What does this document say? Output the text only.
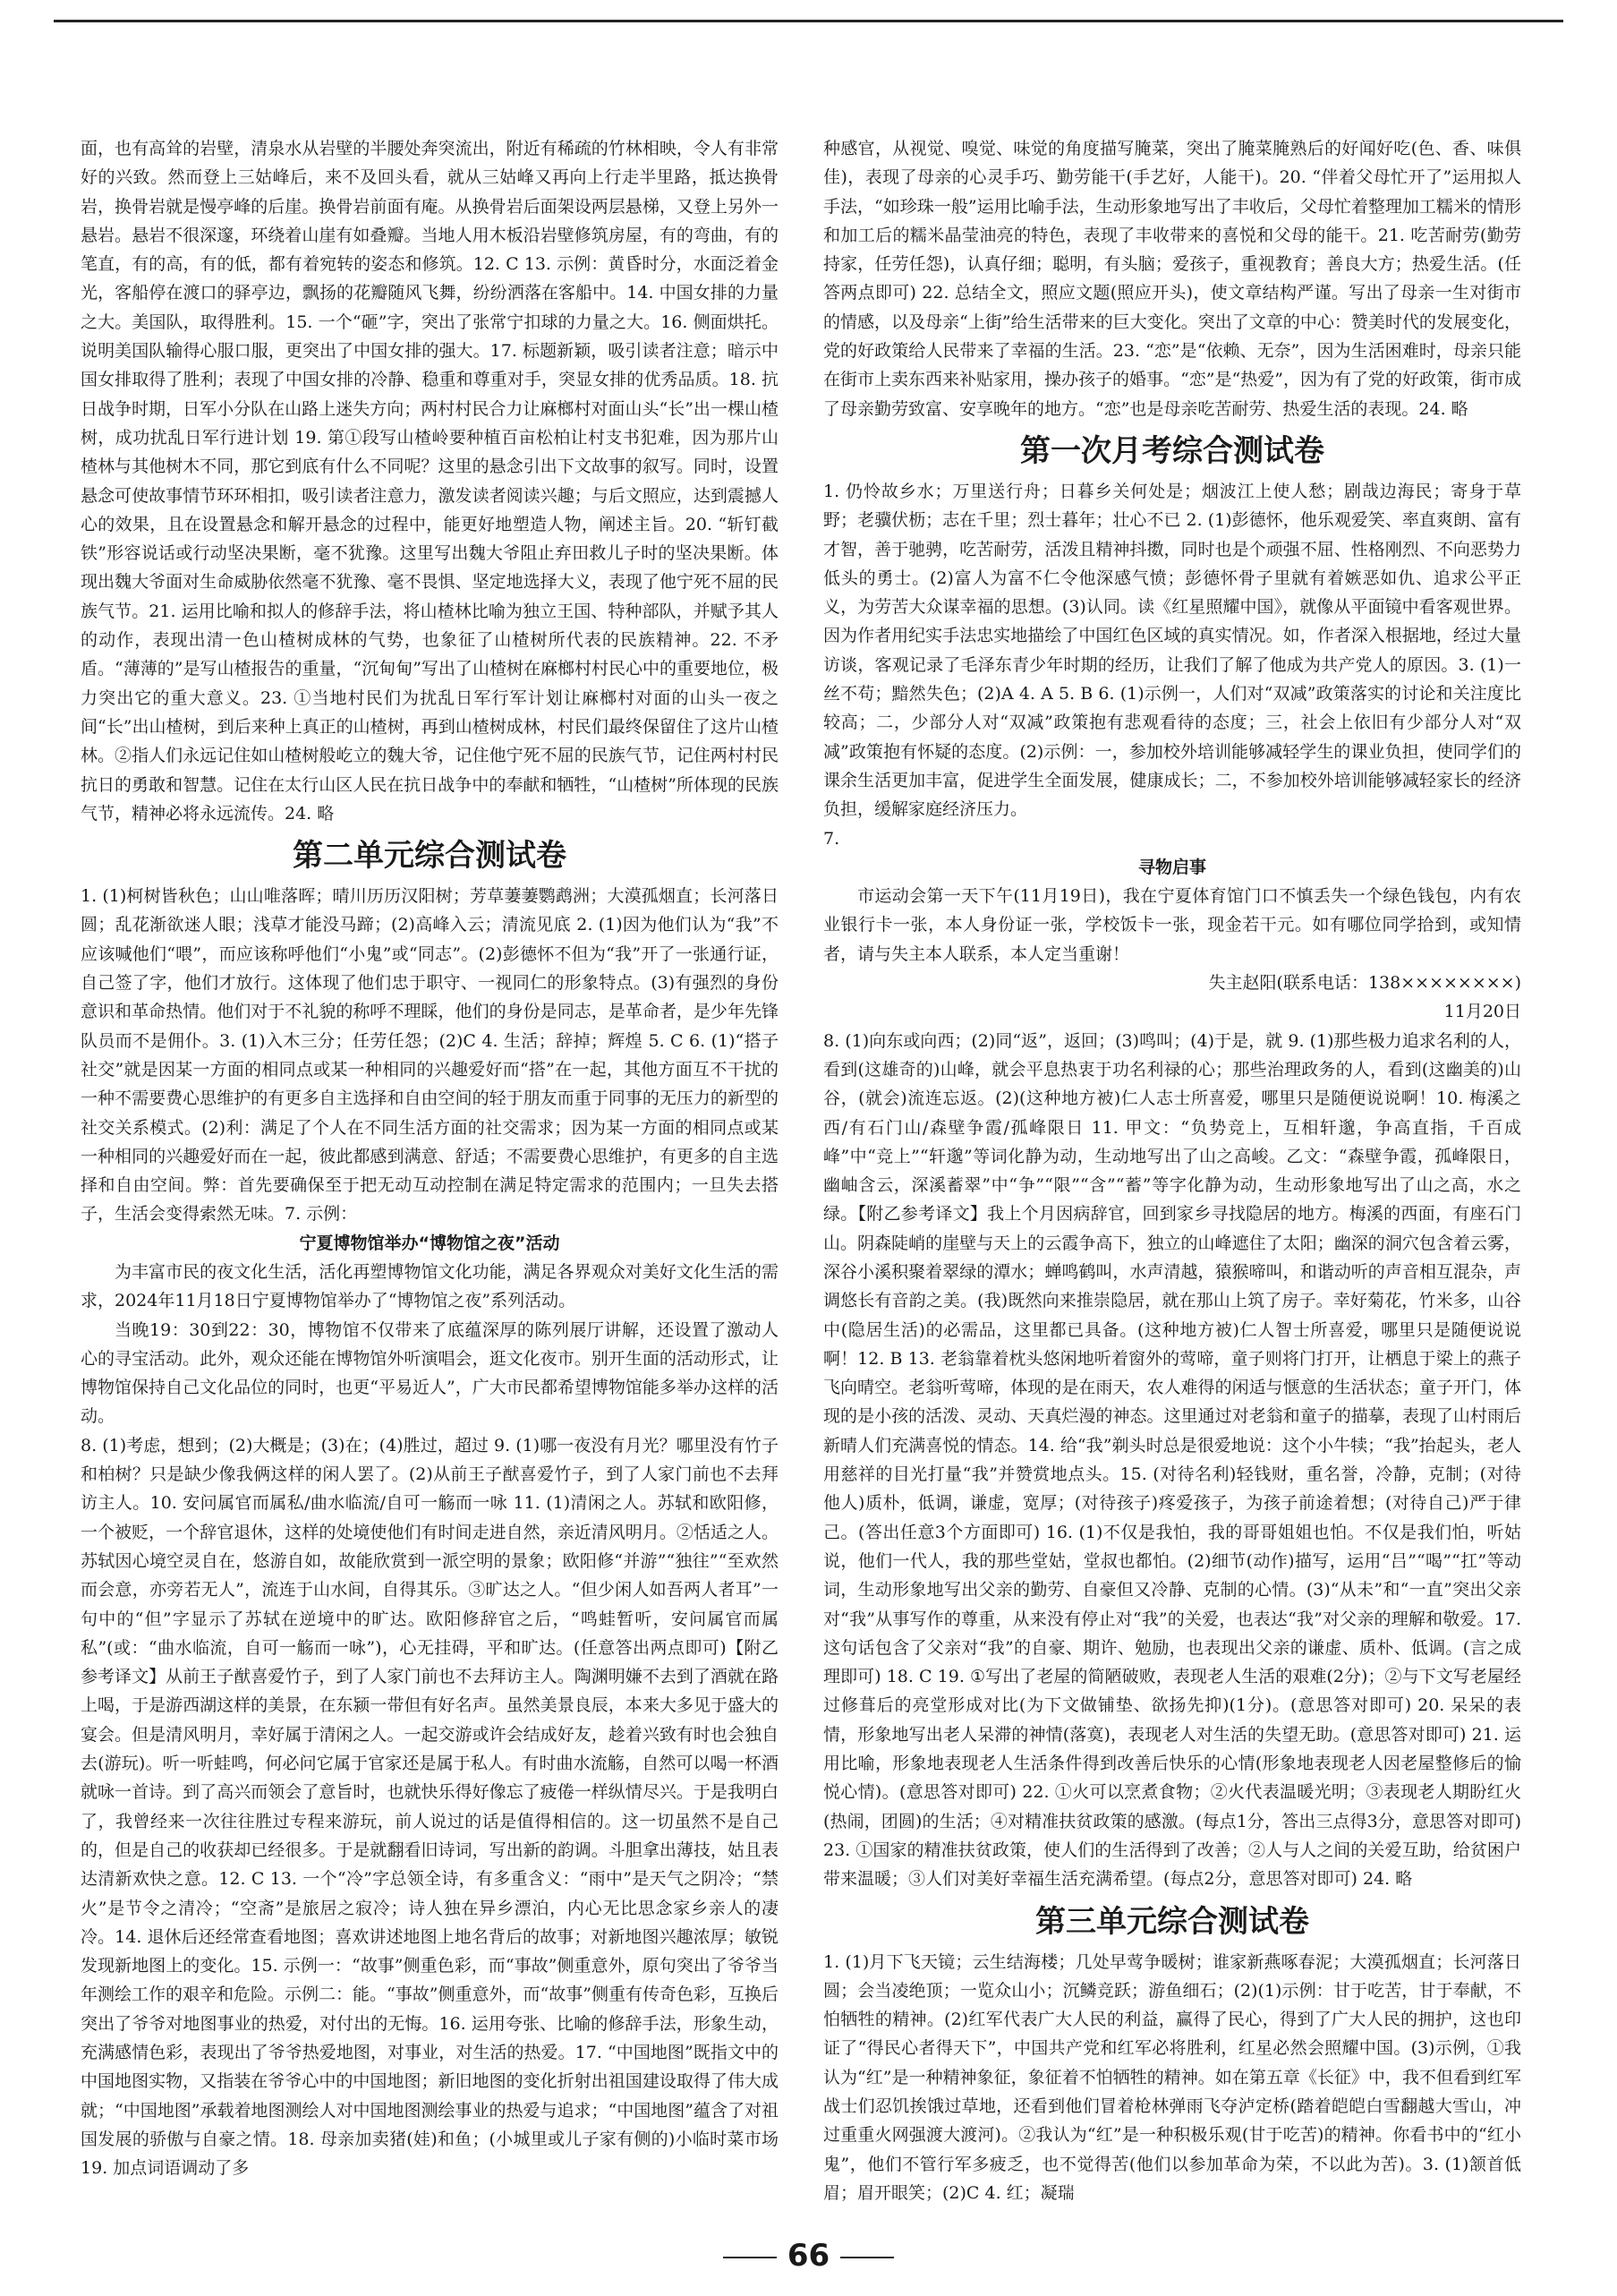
面，也有高耸的岩壁，清泉水从岩壁的半腰处奔突流出，附近有稀疏的竹林相映，令人有非常好的兴致。然而登上三姑峰后，来不及回头看，就从三姑峰又再向上行走半里路，抵达换骨岩，换骨岩就是慢亭峰的后崖。换骨岩前面有庵。从换骨岩后面架设两层悬梯，又登上另外一悬岩。悬岩不很深邃，环绕着山崖有如叠瓣。当地人用木板沿岩壁修筑房屋，有的弯曲，有的笔直，有的高，有的低，都有着宛转的姿态和修筑。12. C 13. 示例：黄昏时分，水面泛着金光，客船停在渡口的驿亭边，飘扬的花瓣随风飞舞，纷纷洒落在客船中。14. 中国女排的力量之大。美国队，取得胜利。15. 一个“砸”字，突出了张常宁扣球的力量之大。16. 侧面烘托。说明美国队输得心服口服，更突出了中国女排的强大。17. 标题新颖，吸引读者注意；暗示中国女排取得了胜利；表现了中国女排的冷静、稳重和尊重对手，突显女排的优秀品质。18. 抗日战争时期，日军小分队在山路上迷失方向；两村村民合力让麻榔村对面山头“长”出一棵山楂树，成功扰乱日军行进计划 19. 第①段写山楂岭要种植百亩松柏让村支书犯难，因为那片山楂林与其他树木不同，那它到底有什么不同呢？这里的悬念引出下文故事的叙写。同时，设置悬念可使故事情节环环相扣，吸引读者注意力，激发读者阅读兴趣；与后文照应，达到震撼人心的效果，且在设置悬念和解开悬念的过程中，能更好地塑造人物，阐述主旨。20. “斩钉截铁”形容说话或行动坚决果断，毫不犹豫。这里写出魏大爷阻止弃田救儿子时的坚决果断。体现出魏大爷面对生命威胁依然毫不犹豫、毫不畏惧、坚定地选择大义，表现了他宁死不屈的民族气节。21. 运用比喻和拟人的修辞手法，将山楂林比喻为独立王国、特种部队，并赋予其人的动作，表现出清一色山楂树成林的气势，也象征了山楂树所代表的民族精神。22. 不矛盾。“薄薄的”是写山楂报告的重量，“沉甸甸”写出了山楂树在麻榔村村民心中的重要地位，极力突出它的重大意义。23. ①当地村民们为扰乱日军行军计划让麻榔村对面的山头一夜之间“长”出山楂树，到后来种上真正的山楂树，再到山楂树成林，村民们最终保留住了这片山楂林。②指人们永远记住如山楂树般屹立的魏大爷，记住他宁死不屈的民族气节，记住两村村民抗日的勇敢和智慧。记住在太行山区人民在抗日战争中的奉献和牺牲，“山楂树”所体现的民族气节，精神必将永远流传。24. 略

第二单元综合测试卷

1. (1)柯树皆秋色；山山唯落晖；晴川历历汉阳树；芳草萋萋鹦鹉洲；大漠孤烟直；长河落日圆；乱花渐欲迷人眼；浅草才能没马蹄；(2)高峰入云；清流见底 2. (1)因为他们认为“我”不应该喊他们“喂”，而应该称呼他们“小鬼”或“同志”。(2)彭德怀不但为“我”开了一张通行证，自己签了字，他们才放行。这体现了他们忠于职守、一视同仁的形象特点。(3)有强烈的身份意识和革命热情。他们对于不礼貌的称呼不理睬，他们的身份是同志，是革命者，是少年先锋队员而不是佣仆。3. (1)入木三分；任劳任怨；(2)C 4. 生活；辞掉；辉煌 5. C 6. (1)“搭子社交”就是因某一方面的相同点或某一种相同的兴趣爱好而“搭”在一起，其他方面互不干扰的一种不需要费心思维护的有更多自主选择和自由空间的轻于朋友而重于同事的无压力的新型的社交关系模式。(2)利：满足了个人在不同生活方面的社交需求；因为某一方面的相同点或某一种相同的兴趣爱好而在一起，彼此都感到满意、舒适；不需要费心思维护，有更多的自主选择和自由空间。弊：首先要确保至于把无动互动控制在满足特定需求的范围内；一旦失去搭子，生活会变得索然无味。7. 示例：

宁夏博物馆举办“博物馆之夜”活动

为丰富市民的夜文化生活，活化再塑博物馆文化功能，满足各界观众对美好文化生活的需求，2024年11月18日宁夏博物馆举办了“博物馆之夜”系列活动。

当晚19：30到22：30，博物馆不仅带来了底蕴深厚的陈列展厅讲解，还设置了激动人心的寻宝活动。此外，观众还能在博物馆外听演唱会，逛文化夜市。别开生面的活动形式，让博物馆保持自己文化品位的同时，也更“平易近人”，广大市民都希望博物馆能多举办这样的活动。

8. (1)考虑，想到；(2)大概是；(3)在；(4)胜过，超过 9. (1)哪一夜没有月光？哪里没有竹子和柏树？只是缺少像我俩这样的闲人罢了。(2)从前王子猷喜爱竹子，到了人家门前也不去拜访主人。10. 安问属官而属私/曲水临流/自可一觞而一咏 11. (1)清闲之人。苏轼和欧阳修，一个被贬，一个辞官退休，这样的处境使他们有时间走进自然，亲近清风明月。②恬适之人。苏轼因心境空灵自在，悠游自如，故能欣赏到一派空明的景象；欧阳修“并游”“独往”“至欢然而会意，亦旁若无人”，流连于山水间，自得其乐。③旷达之人。“但少闲人如吾两人者耳”一句中的“但”字显示了苏轼在逆境中的旷达。欧阳修辞官之后，“鸣蛙暂听，安问属官而属私”(或：“曲水临流，自可一觞而一咏”)，心无挂碍，平和旷达。(任意答出两点即可)【附乙参考译文】从前王子猷喜爱竹子，到了人家门前也不去拜访主人。陶渊明嫌不去到了酒就在路上喝，于是游西湖这样的美景，在东颍一带但有好名声。虽然美景良辰，本来大多见于盛大的宴会。但是清风明月，幸好属于清闲之人。一起交游或许会结成好友，趁着兴致有时也会独自去(游玩)。听一听蛙鸣，何必问它属于官家还是属于私人。有时曲水流觞，自然可以喝一杯酒就咏一首诗。到了高兴而领会了意旨时，也就快乐得好像忘了疲倦一样纵情尽兴。于是我明白了，我曾经来一次往往胜过专程来游玩，前人说过的话是值得相信的。这一切虽然不是自己的，但是自己的收获却已经很多。于是就翻看旧诗词，写出新的韵调。斗胆拿出薄技，姑且表达清新欢快之意。12. C 13. 一个“冷”字总领全诗，有多重含义：“雨中”是天气之阴冷；“禁火”是节令之清冷；“空斋”是旅居之寂冷；诗人独在异乡漂泊，内心无比思念家乡亲人的凄冷。14. 退休后还经常查看地图；喜欢讲述地图上地名背后的故事；对新地图兴趣浓厚；敏锐发现新地图上的变化。15. 示例一：“故事”侧重色彩，而“事故”侧重意外，原句突出了爷爷当年测绘工作的艰辛和危险。示例二：能。“事故”侧重意外，而“故事”侧重有传奇色彩，互换后突出了爷爷对地图事业的热爱，对付出的无悔。16. 运用夸张、比喻的修辞手法，形象生动，充满感情色彩，表现出了爷爷热爱地图，对事业，对生活的热爱。17. “中国地图”既指文中的中国地图实物，又指装在爷爷心中的中国地图；新旧地图的变化折射出祖国建设取得了伟大成就；“中国地图”承载着地图测绘人对中国地图测绘事业的热爱与追求；“中国地图”蕴含了对祖国发展的骄傲与自豪之情。18. 母亲加卖猪(娃)和鱼；(小城里或儿子家有侧的)小临时菜市场 19. 加点词语调动了多

种感官，从视觉、嗅觉、味觉的角度描写腌菜，突出了腌菜腌熟后的好闻好吃(色、香、味俱佳)，表现了母亲的心灵手巧、勤劳能干(手艺好，人能干)。20. “伴着父母忙开了”运用拟人手法，“如珍珠一般”运用比喻手法，生动形象地写出了丰收后，父母忙着整理加工糯米的情形和加工后的糯米晶莹油亮的特色，表现了丰收带来的喜悦和父母的能干。21. 吃苦耐劳(勤劳持家，任劳任怨)，认真仔细；聪明，有头脑；爱孩子，重视教育；善良大方；热爱生活。(任答两点即可) 22. 总结全文，照应文题(照应开头)，使文章结构严谨。写出了母亲一生对街市的情感，以及母亲“上街”给生活带来的巨大变化。突出了文章的中心：赞美时代的发展变化，党的好政策给人民带来了幸福的生活。23. “恋”是“依赖、无奈”，因为生活困难时，母亲只能在街市上卖东西来补贴家用，操办孩子的婚事。“恋”是“热爱”，因为有了党的好政策，街市成了母亲勤劳致富、安享晚年的地方。“恋”也是母亲吃苦耐劳、热爱生活的表现。24. 略

第一次月考综合测试卷

1. 仍怜故乡水；万里送行舟；日暮乡关何处是；烟波江上使人愁；剧哉边海民；寄身于草野；老骥伏枥；志在千里；烈士暮年；壮心不已 2. (1)彭德怀，他乐观爱笑、率直爽朗、富有才智，善于驰骋，吃苦耐劳，活泼且精神抖擞，同时也是个顽强不屈、性格刚烈、不向恶势力低头的勇士。(2)富人为富不仁令他深感气愤；彭德怀骨子里就有着嫉恶如仇、追求公平正义，为劳苦大众谋幸福的思想。(3)认同。读《红星照耀中国》，就像从平面镜中看客观世界。因为作者用纪实手法忠实地描绘了中国红色区域的真实情况。如，作者深入根据地，经过大量访谈，客观记录了毛泽东青少年时期的经历，让我们了解了他成为共产党人的原因。3. (1)一丝不苟；黯然失色；(2)A 4. A 5. B 6. (1)示例一，人们对“双减”政策落实的讨论和关注度比较高；二，少部分人对“双减”政策抱有悲观看待的态度；三，社会上依旧有少部分人对“双减”政策抱有怀疑的态度。(2)示例：一，参加校外培训能够减轻学生的课业负担，使同学们的课余生活更加丰富，促进学生全面发展，健康成长；二，不参加校外培训能够减轻家长的经济负担，缓解家庭经济压力。

7.

寻物启事

市运动会第一天下午(11月19日)，我在宁夏体育馆门口不慎丢失一个绿色钱包，内有农业银行卡一张，本人身份证一张，学校饭卡一张，现金若干元。如有哪位同学拾到，或知情者，请与失主本人联系，本人定当重谢！

失主赵阳(联系电话：138××××××××)

11月20日

8. (1)向东或向西；(2)同“返”，返回；(3)鸣叫；(4)于是，就 9. (1)那些极力追求名利的人，看到(这雄奇的)山峰，就会平息热衷于功名利禄的心；那些治理政务的人，看到(这幽美的)山谷，(就会)流连忘返。(2)(这种地方被)仁人志士所喜爱，哪里只是随便说说啊！10. 梅溪之西/有石门山/森壁争霞/孤峰限日 11. 甲文：“负势竞上，互相轩邈，争高直指，千百成峰”中“竞上”“轩邈”等词化静为动，生动地写出了山之高峻。乙文：“森壁争霞，孤峰限日，幽岫含云，深溪蓄翠”中“争”“限”“含”“蓄”等字化静为动，生动形象地写出了山之高，水之绿。【附乙参考译文】我上个月因病辞官，回到家乡寻找隐居的地方。梅溪的西面，有座石门山。阴森陡峭的崖壁与天上的云霞争高下，独立的山峰遮住了太阳；幽深的洞穴包含着云雾，深谷小溪积聚着翠绿的潭水；蝉鸣鹤叫，水声清越，猿猴啼叫，和谐动听的声音相互混杂，声调悠长有音韵之美。(我)既然向来推崇隐居，就在那山上筑了房子。幸好菊花，竹米多，山谷中(隐居生活)的必需品，这里都已具备。(这种地方被)仁人智士所喜爱，哪里只是随便说说啊！12. B 13. 老翁靠着枕头悠闲地听着窗外的莺啼，童子则将门打开，让栖息于梁上的燕子飞向晴空。老翁听莺啼，体现的是在雨天，农人难得的闲适与惬意的生活状态；童子开门，体现的是小孩的活泼、灵动、天真烂漫的神态。这里通过对老翁和童子的描摹，表现了山村雨后新晴人们充满喜悦的情态。14. 给“我”剃头时总是很爱地说：这个小牛犊；“我”抬起头，老人用慈祥的目光打量“我”并赞赏地点头。15. (对待名利)轻钱财，重名誉，冷静，克制；(对待他人)质朴，低调，谦虚，宽厚；(对待孩子)疼爱孩子，为孩子前途着想；(对待自己)严于律己。(答出任意3个方面即可) 16. (1)不仅是我怕，我的哥哥姐姐也怕。不仅是我们怕，听姑说，他们一代人，我的那些堂姑，堂叔也都怕。(2)细节(动作)描写，运用“吕”“喝”“扛”等动词，生动形象地写出父亲的勤劳、自豪但又冷静、克制的心情。(3)“从未”和“一直”突出父亲对“我”从事写作的尊重，从来没有停止对“我”的关爱，也表达“我”对父亲的理解和敬爱。17. 这句话包含了父亲对“我”的自豪、期许、勉励，也表现出父亲的谦虚、质朴、低调。(言之成理即可) 18. C 19. ①写出了老屋的简陋破败，表现老人生活的艰难(2分)；②与下文写老屋经过修葺后的亮堂形成对比(为下文做铺垫、欲扬先抑)(1分)。(意思答对即可) 20. 呆呆的表情，形象地写出老人呆滞的神情(落寞)，表现老人对生活的失望无助。(意思答对即可) 21. 运用比喻，形象地表现老人生活条件得到改善后快乐的心情(形象地表现老人因老屋整修后的愉悦心情)。(意思答对即可) 22. ①火可以烹煮食物；②火代表温暖光明；③表现老人期盼红火(热闹，团圆)的生活；④对精准扶贫政策的感激。(每点1分，答出三点得3分，意思答对即可) 23. ①国家的精准扶贫政策，使人们的生活得到了改善；②人与人之间的关爱互助，给贫困户带来温暖；③人们对美好幸福生活充满希望。(每点2分，意思答对即可) 24. 略

第三单元综合测试卷

1. (1)月下飞天镜；云生结海楼；几处早莺争暖树；谁家新燕啄春泥；大漠孤烟直；长河落日圆；会当凌绝顶；一览众山小；沉鳞竞跃；游鱼细石；(2)(1)示例：甘于吃苦，甘于奉献，不怕牺牲的精神。(2)红军代表广大人民的利益，赢得了民心，得到了广大人民的拥护，这也印证了“得民心者得天下”，中国共产党和红军必将胜利，红星必然会照耀中国。(3)示例，①我认为“红”是一种精神象征，象征着不怕牺牲的精神。如在第五章《长征》中，我不但看到红军战士们忍饥挨饿过草地，还看到他们冒着枪林弹雨飞夺泸定桥(踏着皑皑白雪翻越大雪山，冲过重重火网强渡大渡河)。②我认为“红”是一种积极乐观(甘于吃苦)的精神。你看书中的“红小鬼”，他们不管行军多疲乏，也不觉得苦(他们以参加革命为荣，不以此为苦)。3. (1)颔首低眉；眉开眼笑；(2)C 4. 红；凝瑞

66
